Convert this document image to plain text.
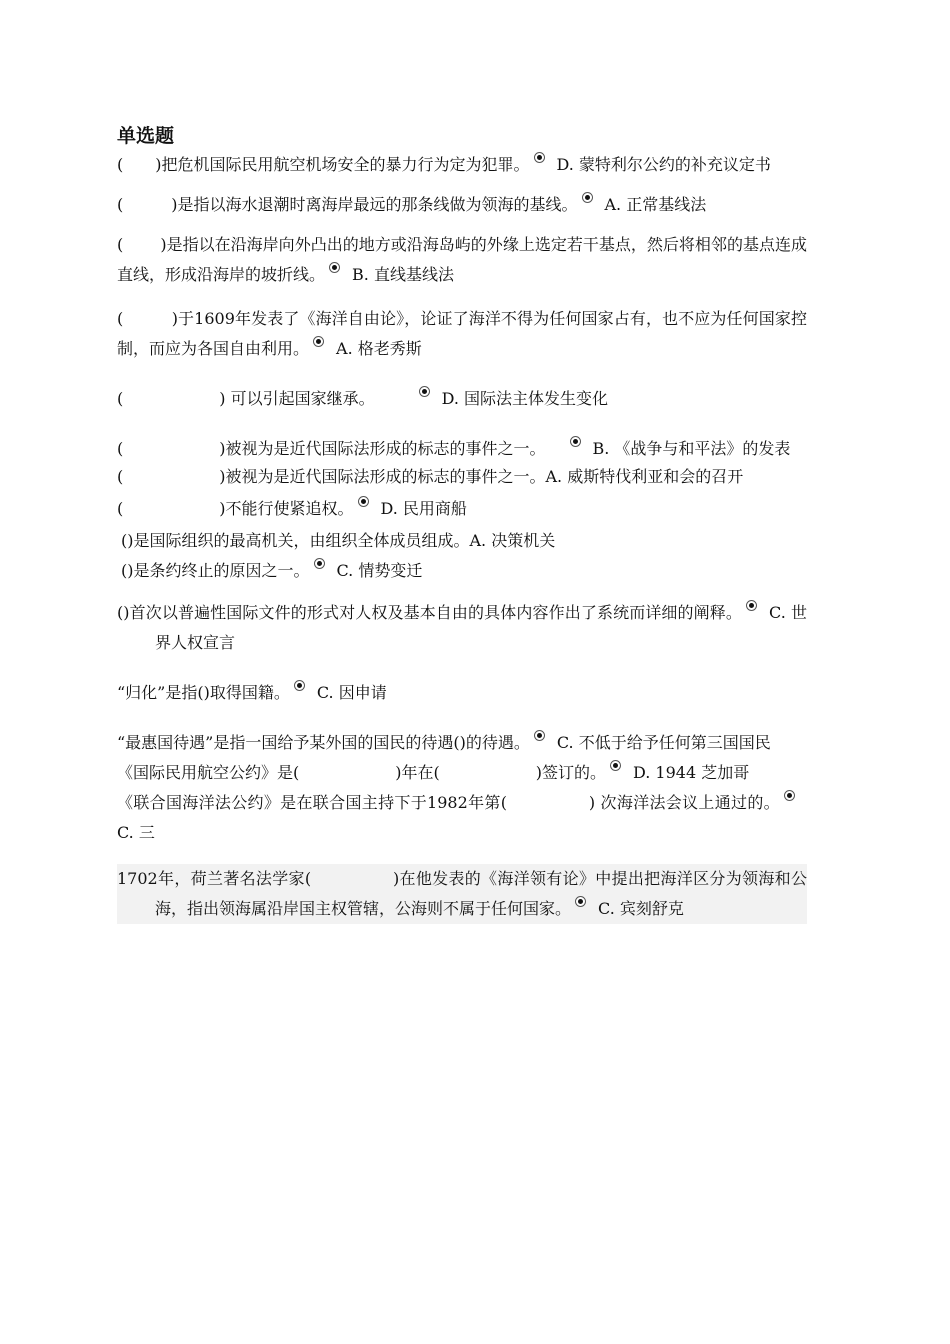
单选题
(　　)把危机国际民用航空机场安全的暴力行为定为犯罪。 D. 蒙特利尔公约的补充议定书
(　　　)是指以海水退潮时离海岸最远的那条线做为领海的基线。 A. 正常基线法
(　　 )是指以在沿海岸向外凸出的地方或沿海岛屿的外缘上选定若干基点，然后将相邻的基点连成直线，形成沿海岸的坡折线。 B. 直线基线法
(　　　)于1609年发表了《海洋自由论》，论证了海洋不得为任何国家占有，也不应为任何国家控制，而应为各国自由利用。 A. 格老秀斯
(　　　　　　) 可以引起国家继承。	D. 国际法主体发生变化
(　　　　　　)被视为是近代国际法形成的标志的事件之一。	B. 《战争与和平法》的发表
(　　　　　　)被视为是近代国际法形成的标志的事件之一。A. 威斯特伐利亚和会的召开
(　　　　　　)不能行使紧追权。 D. 民用商船
()是国际组织的最高机关，由组织全体成员组成。A. 决策机关
()是条约终止的原因之一。 C. 情势变迁
()首次以普遍性国际文件的形式对人权及基本自由的具体内容作出了系统而详细的阐释。 C. 世界人权宣言
“归化”是指()取得国籍。 C. 因申请
“最惠国待遇”是指一国给予某外国的国民的待遇()的待遇。 C. 不低于给予任何第三国国民
《国际民用航空公约》是(　　　　　　)年在(　　　　　　)签订的。 D. 1944 芝加哥
《联合国海洋法公约》是在联合国主持下于1982年第(　　　　　) 次海洋法会议上通过的。C. 三
1702年，荷兰著名法学家(　　　　　)在他发表的《海洋领有论》中提出把海洋区分为领海和公海，指出领海属沿岸国主权管辖，公海则不属于任何国家。 C. 宾刻舒克
